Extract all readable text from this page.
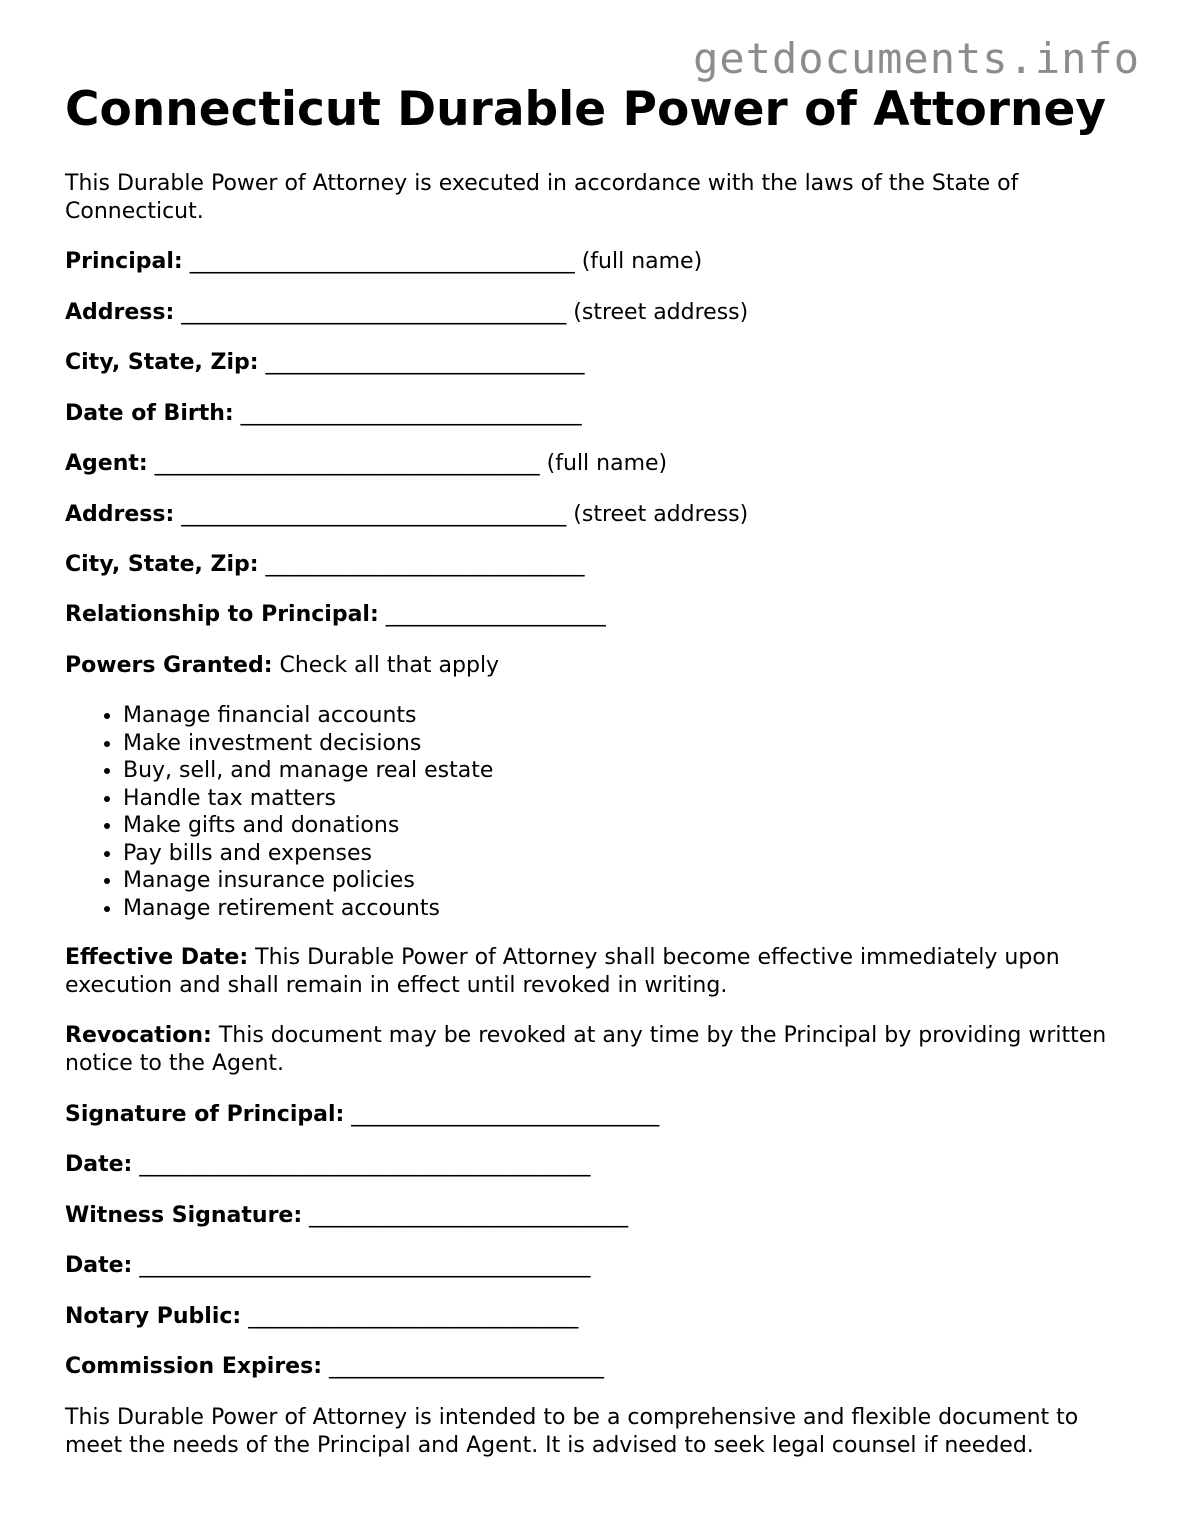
getdocuments.info
Connecticut Durable Power of Attorney

This Durable Power of Attorney is executed in accordance with the laws of the State of Connecticut.

Principal: ___________________________________ (full name)
Address: ___________________________________ (street address)
City, State, Zip: _____________________________
Date of Birth: _______________________________
Agent: ___________________________________ (full name)
Address: ___________________________________ (street address)
City, State, Zip: _____________________________
Relationship to Principal: ____________________
Powers Granted: Check all that apply
• Manage financial accounts
• Make investment decisions
• Buy, sell, and manage real estate
• Handle tax matters
• Make gifts and donations
• Pay bills and expenses
• Manage insurance policies
• Manage retirement accounts

Effective Date: This Durable Power of Attorney shall become effective immediately upon execution and shall remain in effect until revoked in writing.

Revocation: This document may be revoked at any time by the Principal by providing written notice to the Agent.

Signature of Principal: ____________________________
Date: _________________________________________
Witness Signature: _____________________________
Date: _________________________________________
Notary Public: ______________________________
Commission Expires: _________________________

This Durable Power of Attorney is intended to be a comprehensive and flexible document to meet the needs of the Principal and Agent. It is advised to seek legal counsel if needed.
